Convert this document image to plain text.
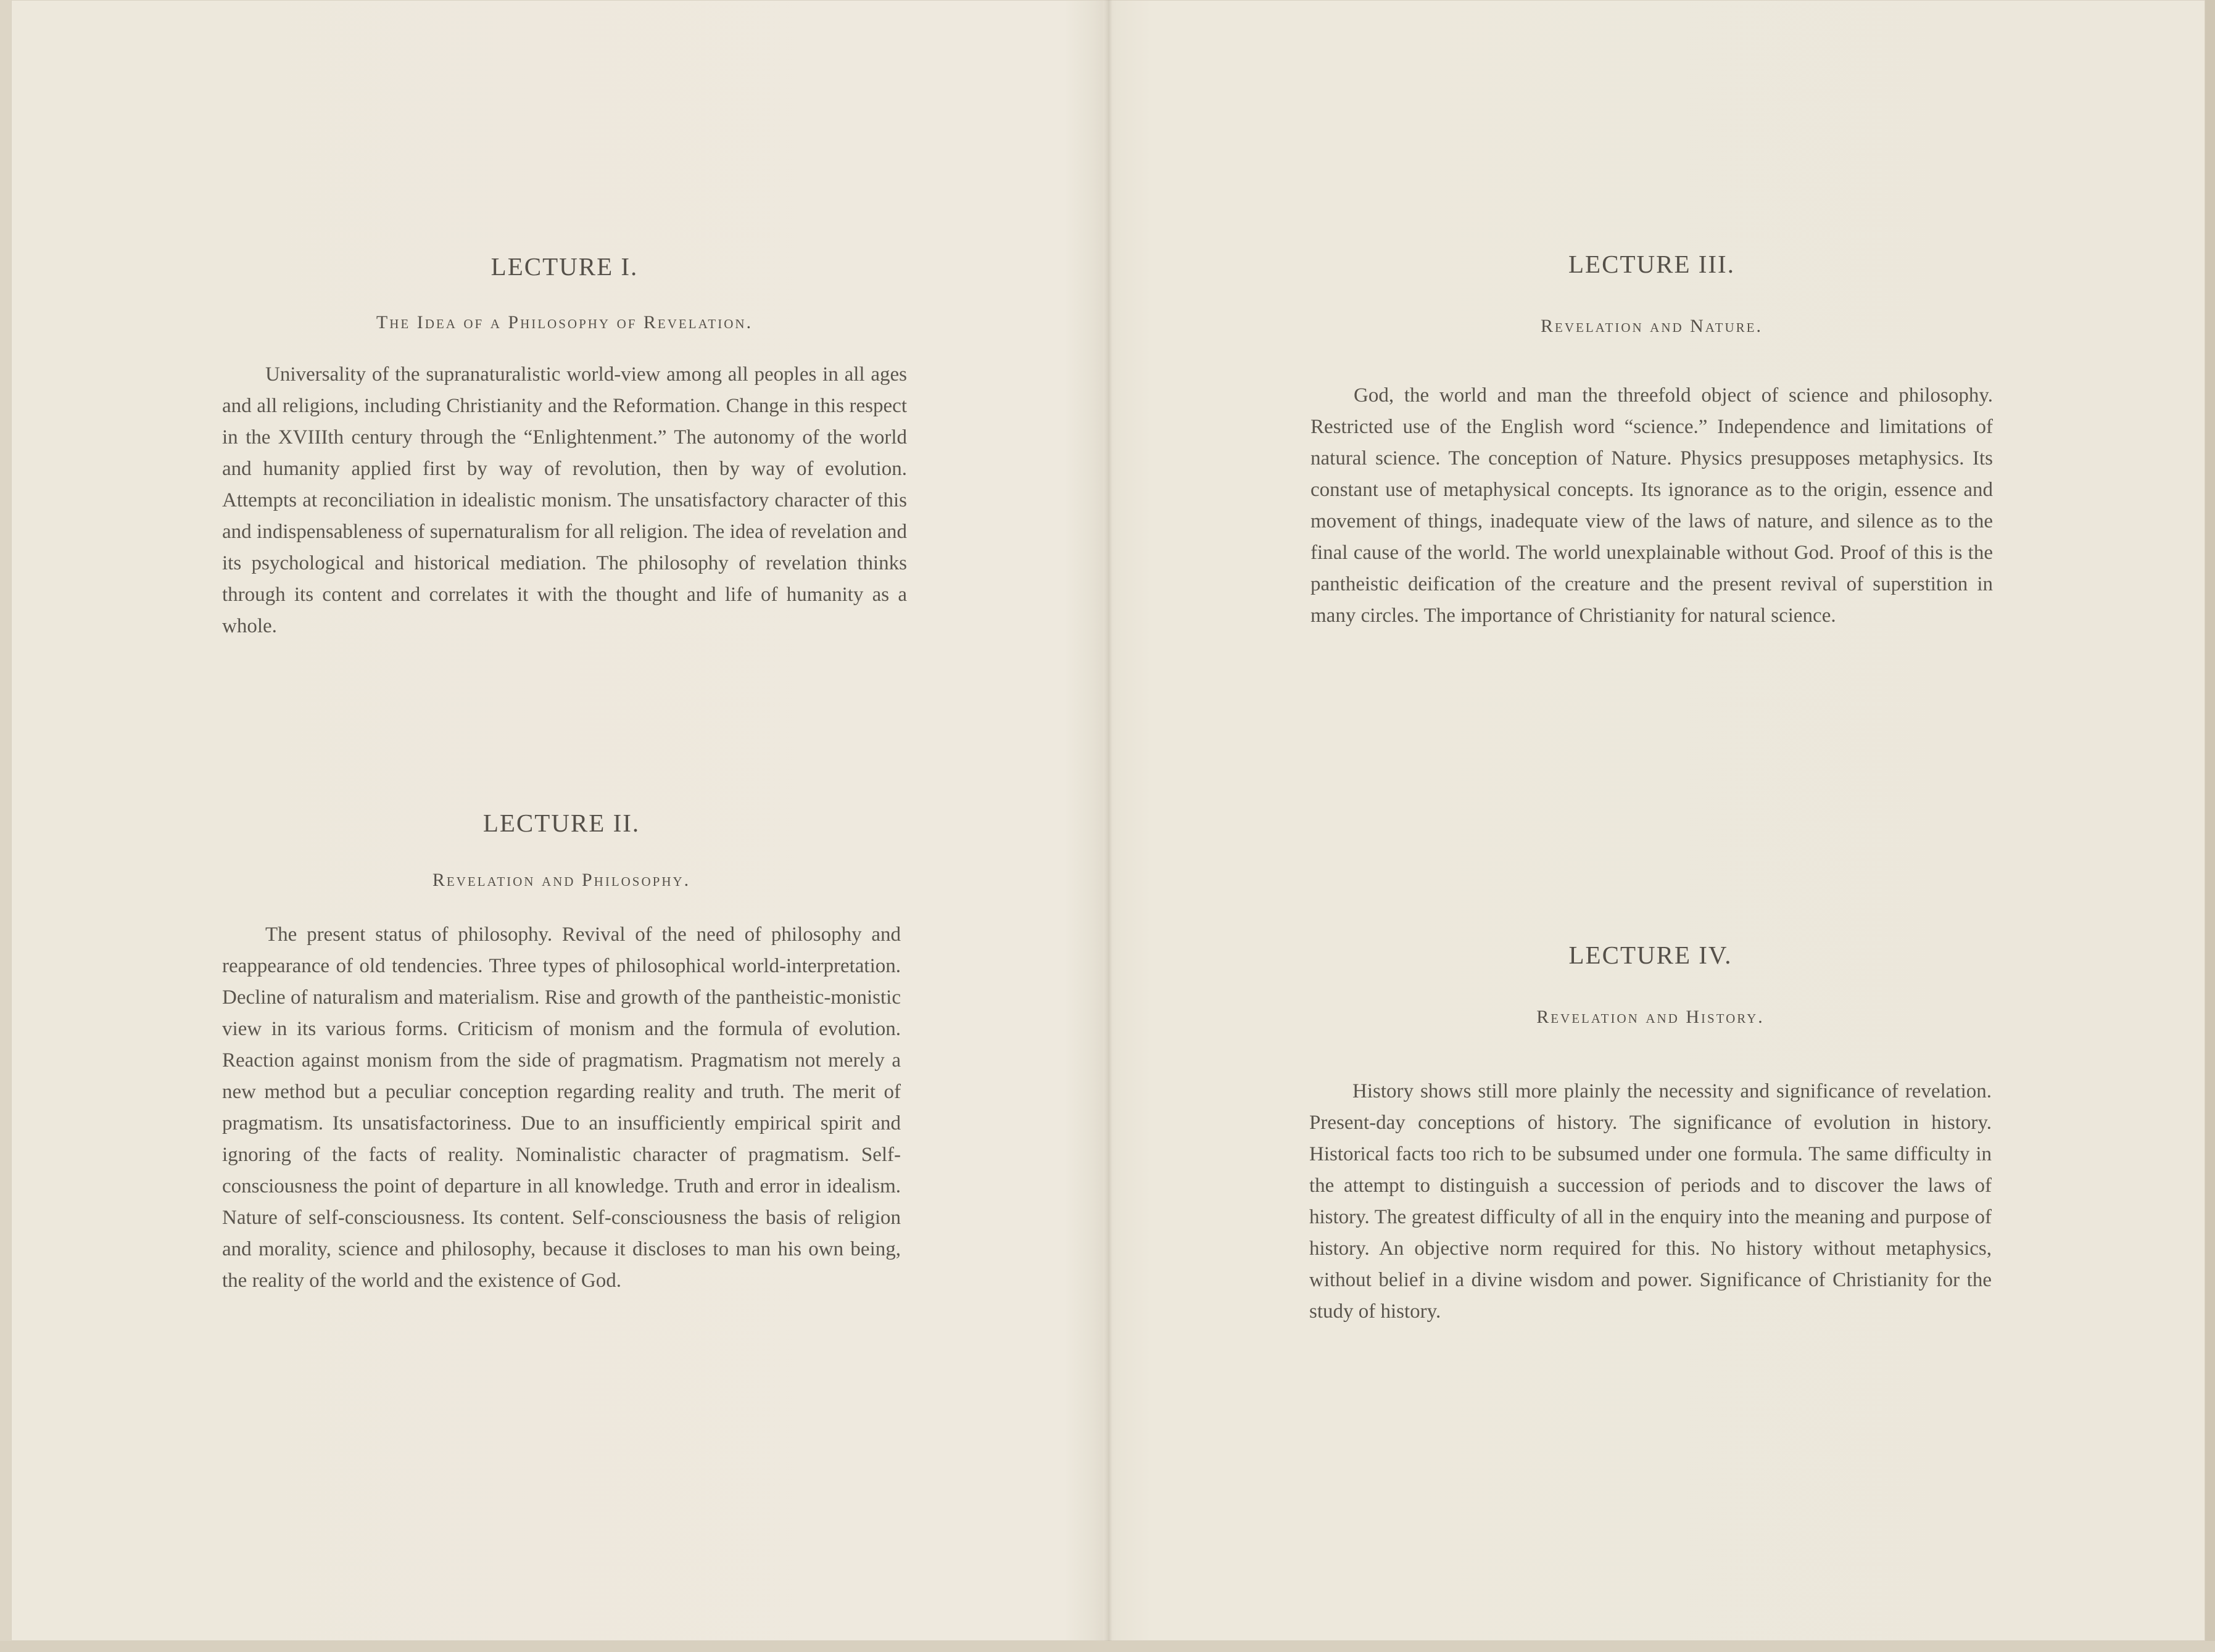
LECTURE I.
The Idea of a Philosophy of Revelation.

Universality of the supranaturalistic world-view among all peoples in all ages and all religions, including Christianity and the Reformation. Change in this respect in the XVIIIth century through the “Enlightenment.” The autonomy of the world and humanity applied first by way of revolution, then by way of evolution. Attempts at reconciliation in idealistic monism. The unsatisfactory character of this and indispensableness of supernaturalism for all religion. The idea of revelation and its psychological and historical mediation. The philosophy of revelation thinks through its content and correlates it with the thought and life of humanity as a whole.

LECTURE II.
Revelation and Philosophy.

The present status of philosophy. Revival of the need of philosophy and reappearance of old tendencies. Three types of philosophical world-interpretation. Decline of naturalism and materialism. Rise and growth of the pantheistic-monistic view in its various forms. Criticism of monism and the formula of evolution. Reaction against monism from the side of pragmatism. Pragmatism not merely a new method but a peculiar conception regarding reality and truth. The merit of pragmatism. Its unsatisfactoriness. Due to an insufficiently empirical spirit and ignoring of the facts of reality. Nominalistic character of pragmatism. Self-consciousness the point of departure in all knowledge. Truth and error in idealism. Nature of self-consciousness. Its content. Self-consciousness the basis of religion and morality, science and philosophy, because it discloses to man his own being, the reality of the world and the existence of God.

LECTURE III.
Revelation and Nature.

God, the world and man the threefold object of science and philosophy. Restricted use of the English word “science.” Independence and limitations of natural science. The conception of Nature. Physics presupposes metaphysics. Its constant use of metaphysical concepts. Its ignorance as to the origin, essence and movement of things, inadequate view of the laws of nature, and silence as to the final cause of the world. The world unexplainable without God. Proof of this is the pantheistic deification of the creature and the present revival of superstition in many circles. The importance of Christianity for natural science.

LECTURE IV.
Revelation and History.

History shows still more plainly the necessity and significance of revelation. Present-day conceptions of history. The significance of evolution in history. Historical facts too rich to be subsumed under one formula. The same difficulty in the attempt to distinguish a succession of periods and to discover the laws of history. The greatest difficulty of all in the enquiry into the meaning and purpose of history. An objective norm required for this. No history without metaphysics, without belief in a divine wisdom and power. Significance of Christianity for the study of history.
